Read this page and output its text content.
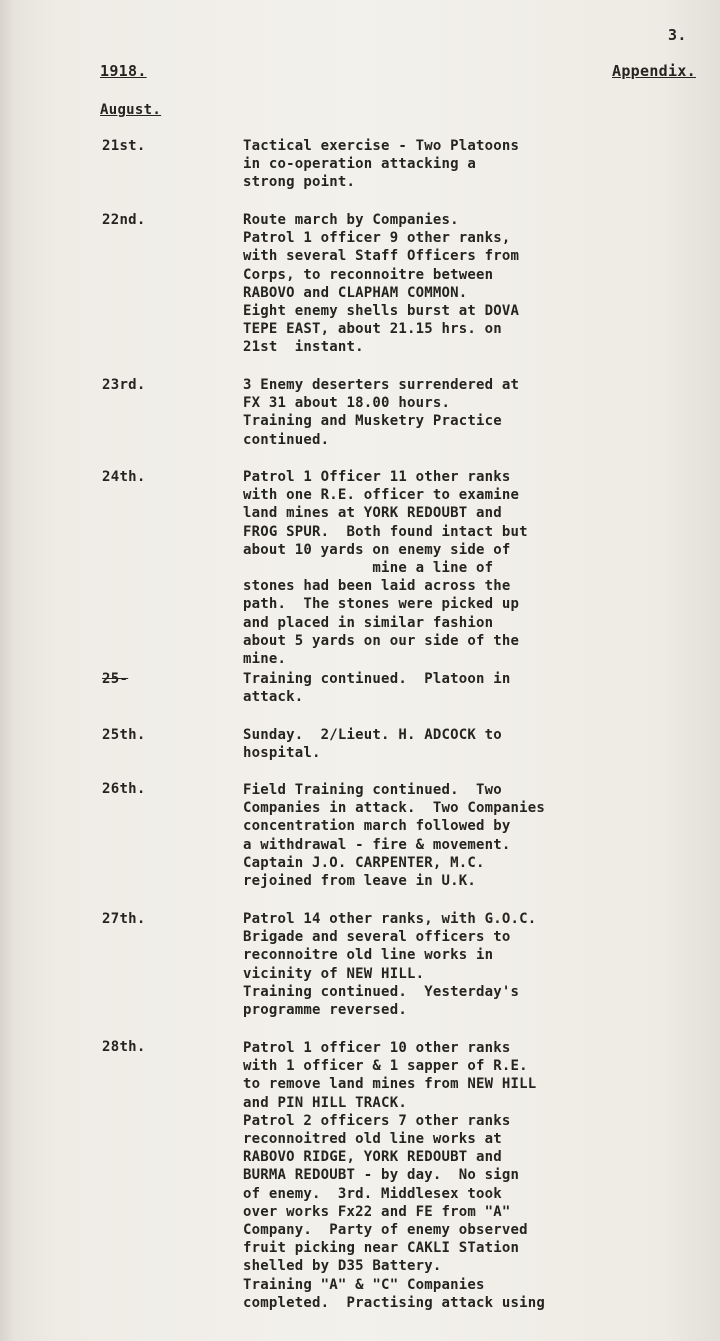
3.
1918.	Appendix.
August.
21st.	Tactical exercise - Two Platoons
in co-operation attacking a
strong point.
22nd.	Route march by Companies.
Patrol 1 officer 9 other ranks,
with several Staff Officers from
Corps, to reconnoitre between
RABOVO and CLAPHAM COMMON.
Eight enemy shells burst at DOVA
TEPE EAST, about 21.15 hrs. on
21st  instant.
23rd.	3 Enemy deserters surrendered at
FX 31 about 18.00 hours.
Training and Musketry Practice
continued.
24th.	Patrol 1 Officer 11 other ranks
with one R.E. officer to examine
land mines at YORK REDOUBT and
FROG SPUR.  Both found intact but
about 10 yards on enemy side of
mine a line of
stones had been laid across the
path.  The stones were picked up
and placed in similar fashion
about 5 yards on our side of the
mine.
25-	Training continued.  Platoon in
attack.
25th.	Sunday.  2/Lieut. H. ADCOCK to
hospital.
26th.	Field Training continued.  Two
Companies in attack.  Two Companies
concentration march followed by
a withdrawal - fire & movement.
Captain J.O. CARPENTER, M.C.
rejoined from leave in U.K.
27th.	Patrol 14 other ranks, with G.O.C.
Brigade and several officers to
reconnoitre old line works in
vicinity of NEW HILL.
Training continued.  Yesterday's
programme reversed.
28th.	Patrol 1 officer 10 other ranks
with 1 officer & 1 sapper of R.E.
to remove land mines from NEW HILL
and PIN HILL TRACK.
Patrol 2 officers 7 other ranks
reconnoitred old line works at
RABOVO RIDGE, YORK REDOUBT and
BURMA REDOUBT - by day.  No sign
of enemy.  3rd. Middlesex took
over works Fx22 and FE from "A"
Company.  Party of enemy observed
fruit picking near CAKLI STation
shelled by D35 Battery.
Training "A" & "C" Companies
completed.  Practising attack using
